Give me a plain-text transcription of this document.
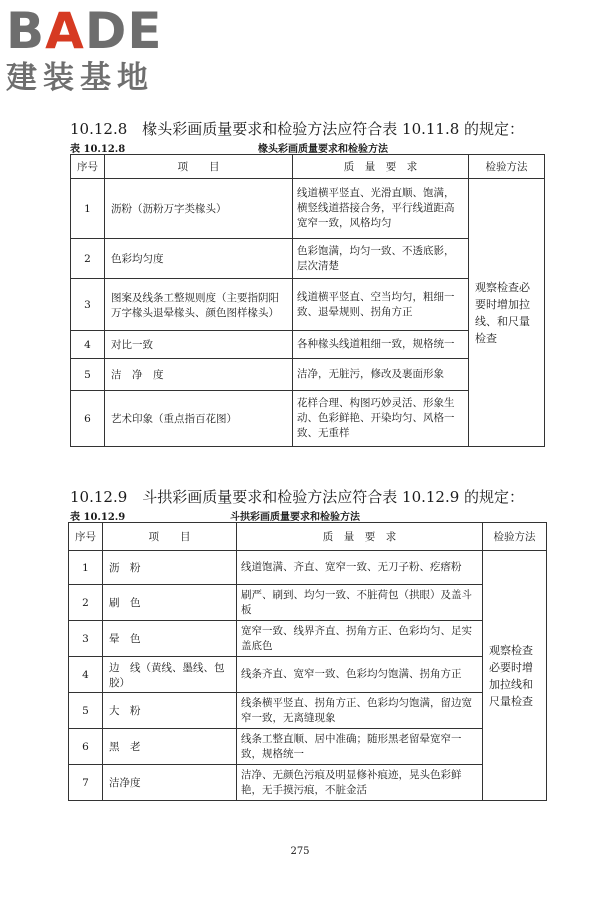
BADE
建装基地
10.12.8　椽头彩画质量要求和检验方法应符合表 10.11.8 的规定：
表 10.12.8	椽头彩画质量要求和检验方法
序号	项　　目	质　量　要　求	检验方法
1	沥粉（沥粉万字类椽头）	线道横平竖直、光滑直顺、饱满，横竖线道搭接合务，平行线道距高宽窄一致，风格均匀	观察检查必要时增加拉线、和尺量检查
2	色彩均匀度	色彩饱满，均匀一致、不透底影，层次清楚	
3	图案及线条工整规则度（主要指阴阳万字椽头退晕椽头、颜色图样椽头）	线道横平竖直、空当均匀，粗细一致、退晕规则、拐角方正	
4	对比一致	各种椽头线道粗细一致，规格统一	
5	洁　净　度	洁净，无脏污，修改及裹面形象	
6	艺术印象（重点指百花图）	花样合理、构图巧妙灵活、形象生动、色彩鲜艳、开染均匀、风格一致、无重样	
10.12.9　斗拱彩画质量要求和检验方法应符合表 10.12.9 的规定：
表 10.12.9	斗拱彩画质量要求和检验方法
序号	项　　目	质　量　要　求	检验方法
1	沥　粉	线道饱满、齐直、宽窄一致、无刀子粉、疙瘩粉	观察检查必要时增加拉线和尺量检查
2	刷　色	刷严、刷到、均匀一致、不脏荷包（拱眼）及盖斗板	
3	晕　色	宽窄一致、线界齐直、拐角方正、色彩均匀、足实盖底色	
4	边　线（黄线、墨线、包胶）	线条齐直、宽窄一致、色彩均匀饱满、拐角方正	
5	大　粉	线条横平竖直、拐角方正、色彩均匀饱满，留边宽窄一致，无离缝现象	
6	黑　老	线条工整直顺、居中准确；随形黑老留晕宽窄一致，规格统一	
7	洁净度	洁净、无颜色污痕及明显修补痕迹，晃头色彩鲜艳，无手摸污痕，不脏金活	
275
